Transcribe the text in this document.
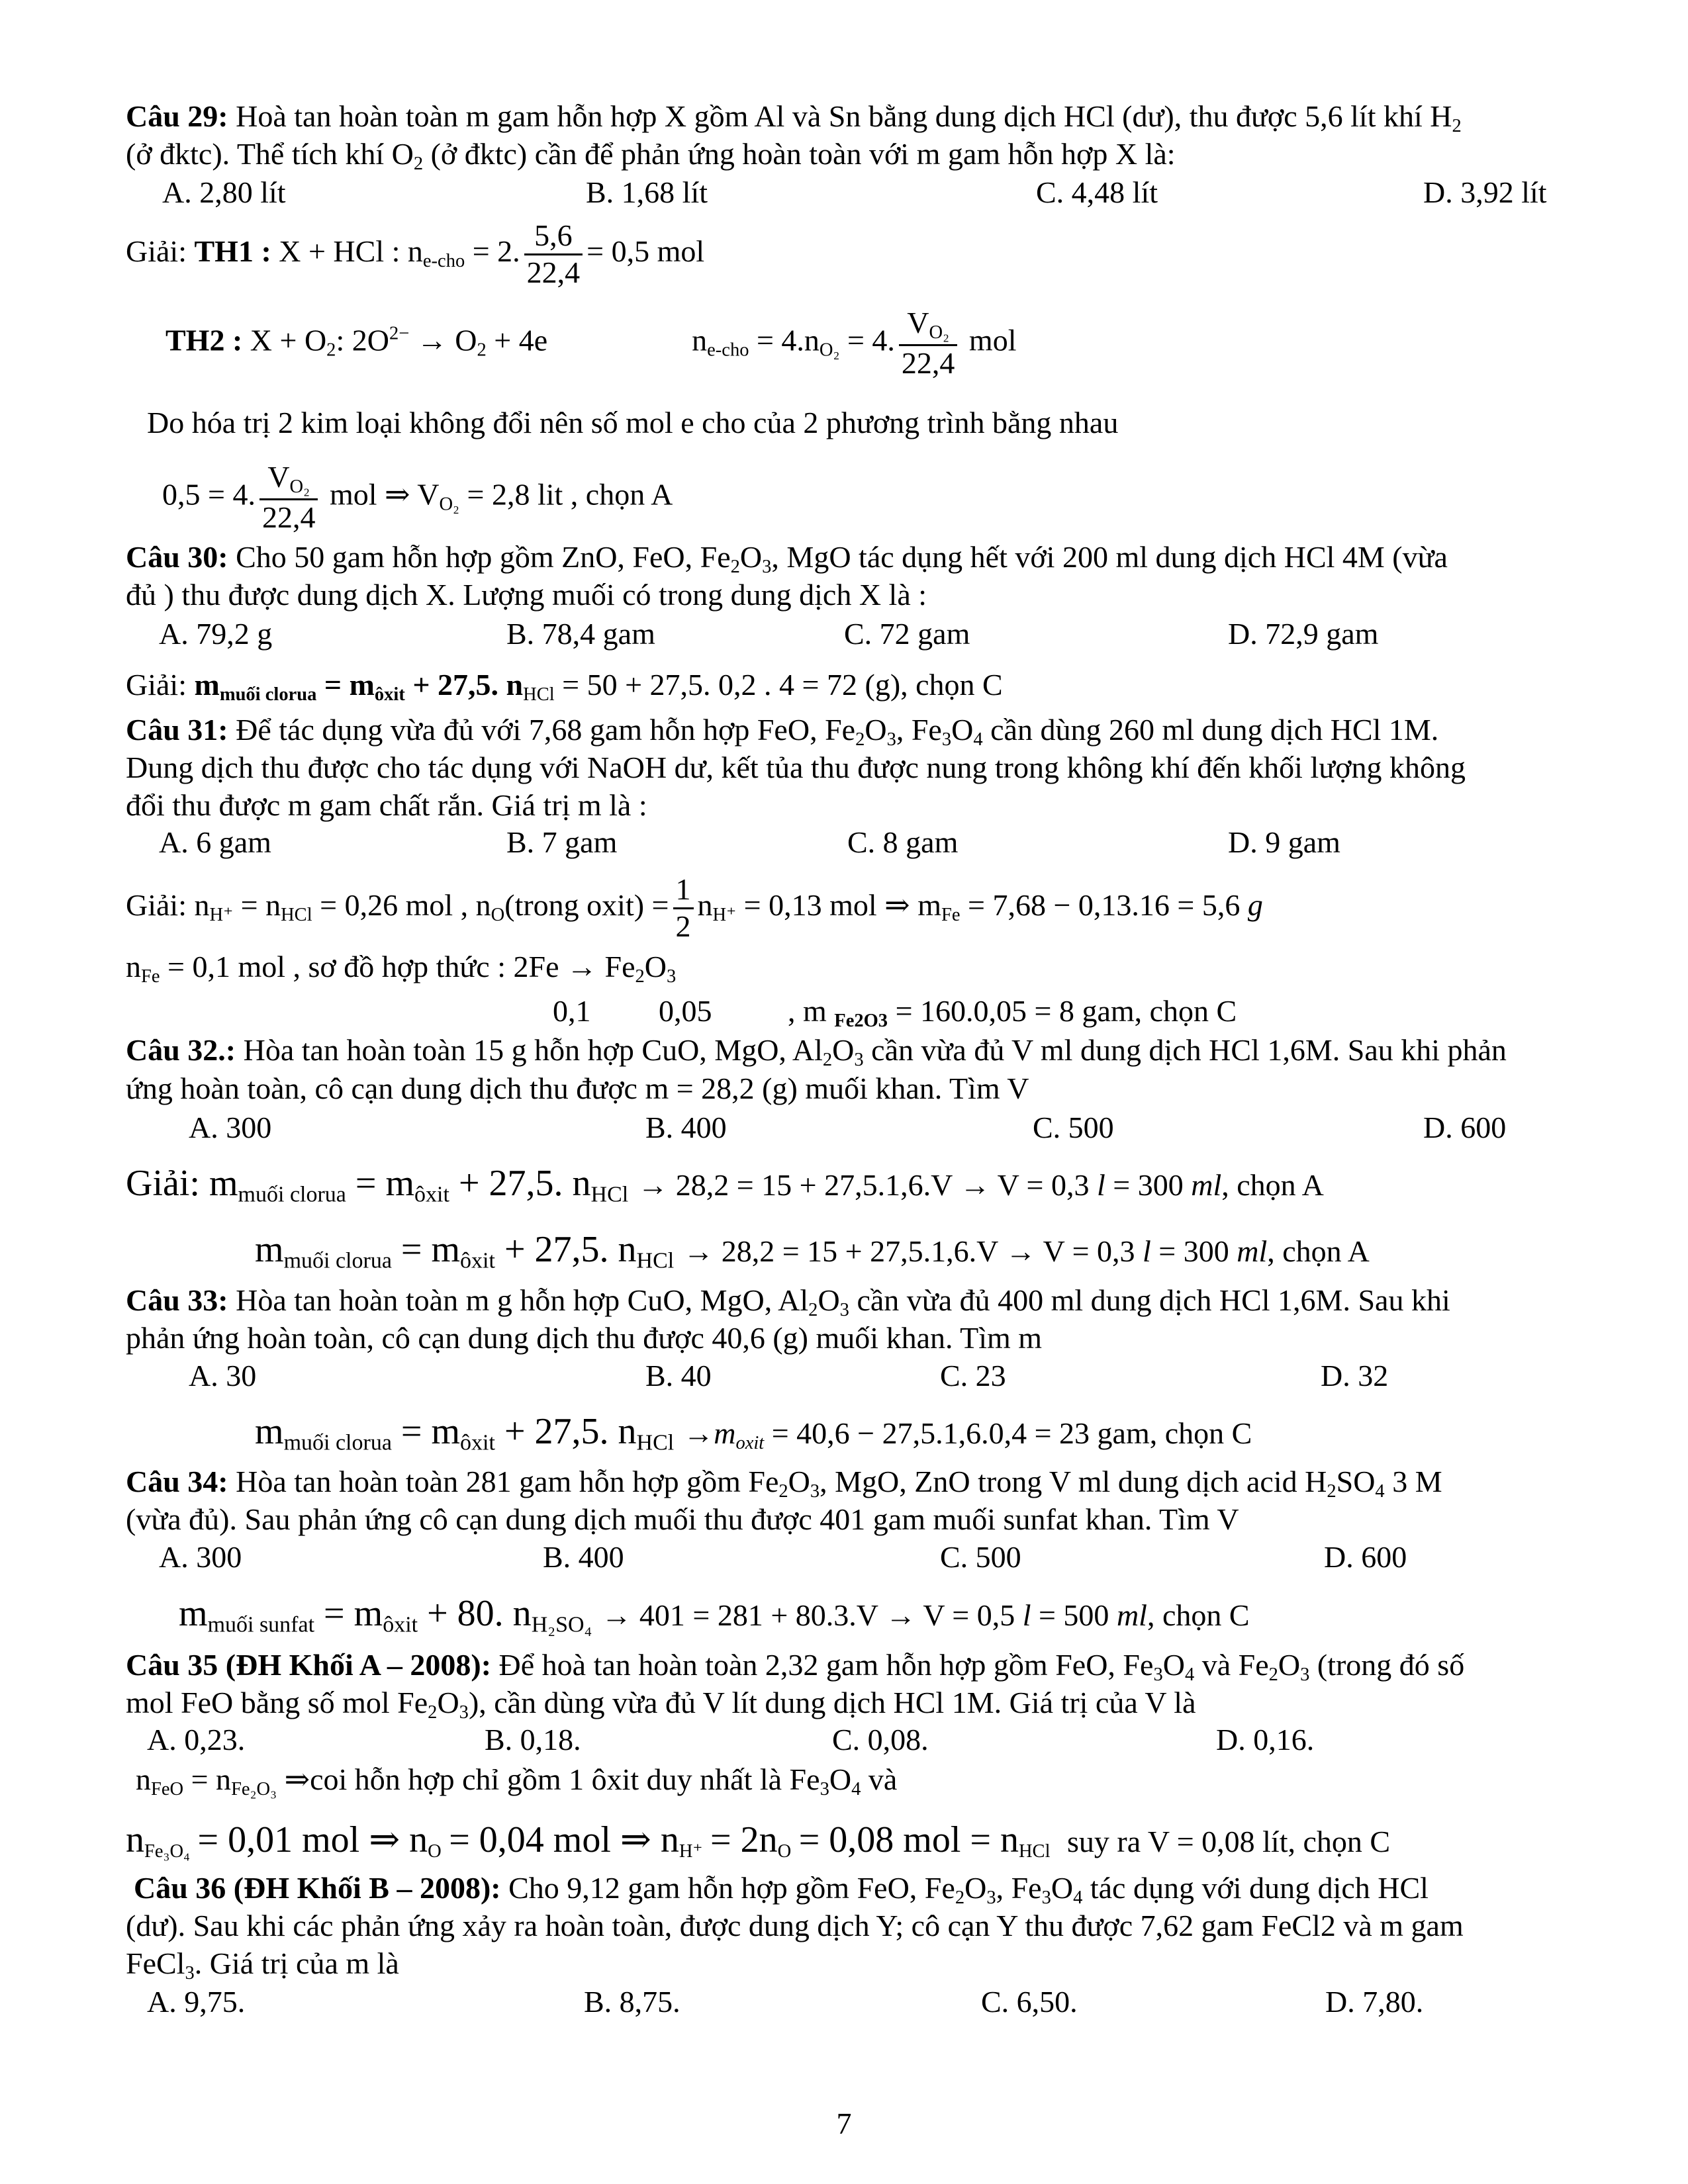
Câu 29: Hoà tan hoàn toàn m gam hỗn hợp X gồm Al và Sn bằng dung dịch HCl (dư), thu được 5,6 lít khí $H_2$
(ở đktc). Thể tích khí $O_2$ (ở đktc) cần để phản ứng hoàn toàn với m gam hỗn hợp X là:
A. 2,80 lít	B. 1,68 lít	C. 4,48 lít	D. 3,92 lít
Giải: TH1 : X + HCl : $n_{e-cho} = 2$. $\frac{5,6}{22,4} = 0,5$ mol
TH2 : $X + O_2$: $2O^{2-} \to O_2 + 4e$	$n_{e-cho} = 4.n_{O_2} = 4$. $\frac{V_{O_2}}{22,4}$ mol
Do hóa trị 2 kim loại không đổi nên số mol e cho của 2 phương trình bằng nhau
0,5 = 4. $\frac{V_{O_2}}{22,4}$ mol ⇒ $V_{O_2} = 2,8$ lit , chọn A
Câu 30: Cho 50 gam hỗn hợp gồm ZnO, FeO, $Fe_2O_3$, MgO tác dụng hết với 200 ml dung dịch HCl 4M (vừa
đủ ) thu được dung dịch X. Lượng muối có trong dung dịch X là :
A. 79,2 g	B. 78,4 gam	C. 72 gam	D. 72,9 gam
Giải: $m_{muối clorua} = m_{ôxit} + 27,5$. $n_{HCl} = 50 + 27,5$. 0,2 . 4 = 72 (g), chọn C
Câu 31: Để tác dụng vừa đủ với 7,68 gam hỗn hợp FeO, $Fe_2O_3$, $Fe_3O_4$ cần dùng 260 ml dung dịch HCl 1M.
Dung dịch thu được cho tác dụng với NaOH dư, kết tủa thu được nung trong không khí đến khối lượng không
đổi thu được m gam chất rắn. Giá trị m là :
A. 6 gam	B. 7 gam	C. 8 gam	D. 9 gam
Giải: $n_{H^+} = n_{HCl} = 0,26$ mol , $n_O(trong$ oxit) = $\frac{1}{2} n_{H^+} = 0,13$ mol ⇒ $m_{Fe} = 7,68 - 0,13.16 = 5,6$ g
$n_{Fe} = 0,1$ mol , sơ đồ hợp thức : $2Fe \to Fe_2O_3$
0,1 0,05 , m $_{Fe2O3}$ = 160.0,05 = 8 gam, chọn C
Câu 32.: Hòa tan hoàn toàn 15 g hỗn hợp CuO, MgO, $Al_2O_3$ cần vừa đủ V ml dung dịch HCl 1,6M. Sau khi phản
ứng hoàn toàn, cô cạn dung dịch thu được m = 28,2 (g) muối khan. Tìm V
A. 300	B. 400	C. 500	D. 600
Giải: $m_{muối clorua} = m_{ôxit} + 27,5$. $n_{HCl} \to 28,2 = 15 + 27,5.1,6.V \to V = 0,3$ l = 300 ml, chọn A
$m_{muối clorua} = m_{ôxit} + 27,5$. $n_{HCl} \to 28,2 = 15 + 27,5.1,6.V \to V = 0,3$ l = 300 ml, chọn A
Câu 33: Hòa tan hoàn toàn m g hỗn hợp CuO, MgO, $Al_2O_3$ cần vừa đủ 400 ml dung dịch HCl 1,6M. Sau khi
phản ứng hoàn toàn, cô cạn dung dịch thu được 40,6 (g) muối khan. Tìm m
A. 30	B. 40	C. 23	D. 32
$m_{muối clorua} = m_{ôxit} + 27,5$. $n_{HCl} \to m_{oxit} = 40,6 - 27,5.1,6.0,4 = 23$ gam, chọn C
Câu 34: Hòa tan hoàn toàn 281 gam hỗn hợp gồm $Fe_2O_3$, MgO, ZnO trong V ml dung dịch acid $H_2SO_4$ 3 M
(vừa đủ). Sau phản ứng cô cạn dung dịch muối thu được 401 gam muối sunfat khan. Tìm V
A. 300	B. 400	C. 500	D. 600
$m_{muối sunfat} = m_{ôxit} + 80$. $n_{H_2SO_4} \to 401 = 281 + 80.3.V \to V = 0,5$ l = 500 ml, chọn C
Câu 35 (ĐH Khối A – 2008): Để hoà tan hoàn toàn 2,32 gam hỗn hợp gồm FeO, $Fe_3O_4$ và $Fe_2O_3$ (trong đó số
mol FeO bằng số mol $Fe_2O_3$), cần dùng vừa đủ V lít dung dịch HCl 1M. Giá trị của V là
A. 0,23.	B. 0,18.	C. 0,08.	D. 0,16.
$n_{FeO} = n_{Fe_2O_3}$ ⇒coi hỗn hợp chỉ gồm 1 ôxit duy nhất là $Fe_3O_4$ và
$n_{Fe_3O_4} = 0,01$ mol ⇒ $n_O = 0,04$ mol ⇒ $n_{H^+} = 2n_O = 0,08$ mol = $n_{HCl}$ suy ra V = 0,08 lít, chọn C
Câu 36 (ĐH Khối B – 2008): Cho 9,12 gam hỗn hợp gồm FeO, $Fe_2O_3$, $Fe_3O_4$ tác dụng với dung dịch HCl
(dư). Sau khi các phản ứng xảy ra hoàn toàn, được dung dịch Y; cô cạn Y thu được 7,62 gam FeCl2 và m gam
FeCl$_3$. Giá trị của m là
A. 9,75.	B. 8,75.	C. 6,50.	D. 7,80.
7
